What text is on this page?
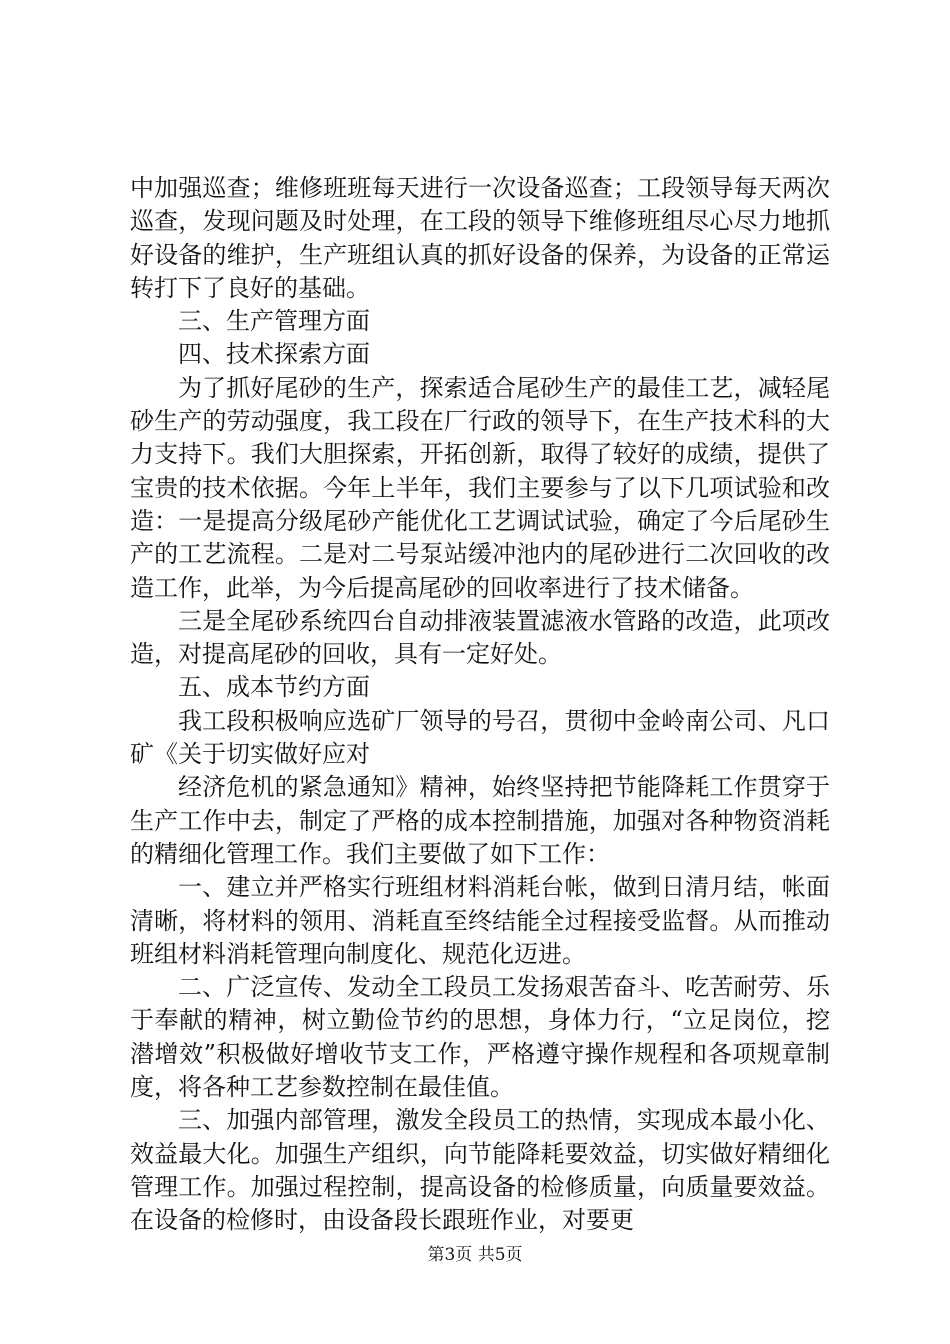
中加强巡查；维修班班每天进行一次设备巡查；工段领导每天两次巡查，发现问题及时处理，在工段的领导下维修班组尽心尽力地抓好设备的维护，生产班组认真的抓好设备的保养，为设备的正常运转打下了良好的基础。

三、生产管理方面

四、技术探索方面

为了抓好尾砂的生产，探索适合尾砂生产的最佳工艺，减轻尾砂生产的劳动强度，我工段在厂行政的领导下，在生产技术科的大力支持下。我们大胆探索，开拓创新，取得了较好的成绩，提供了宝贵的技术依据。今年上半年，我们主要参与了以下几项试验和改造：一是提高分级尾砂产能优化工艺调试试验，确定了今后尾砂生产的工艺流程。二是对二号泵站缓冲池内的尾砂进行二次回收的改造工作，此举，为今后提高尾砂的回收率进行了技术储备。

三是全尾砂系统四台自动排液装置滤液水管路的改造，此项改造，对提高尾砂的回收，具有一定好处。

五、成本节约方面

我工段积极响应选矿厂领导的号召，贯彻中金岭南公司、凡口矿《关于切实做好应对

经济危机的紧急通知》精神，始终坚持把节能降耗工作贯穿于生产工作中去，制定了严格的成本控制措施，加强对各种物资消耗的精细化管理工作。我们主要做了如下工作：

一、建立并严格实行班组材料消耗台帐，做到日清月结，帐面清晰，将材料的领用、消耗直至终结能全过程接受监督。从而推动班组材料消耗管理向制度化、规范化迈进。

二、广泛宣传、发动全工段员工发扬艰苦奋斗、吃苦耐劳、乐于奉献的精神，树立勤俭节约的思想，身体力行，“立足岗位，挖潜增效”积极做好增收节支工作，严格遵守操作规程和各项规章制度，将各种工艺参数控制在最佳值。

三、加强内部管理，激发全段员工的热情，实现成本最小化、效益最大化。加强生产组织，向节能降耗要效益，切实做好精细化管理工作。加强过程控制，提高设备的检修质量，向质量要效益。在设备的检修时，由设备段长跟班作业，对要更

第3页 共5页
